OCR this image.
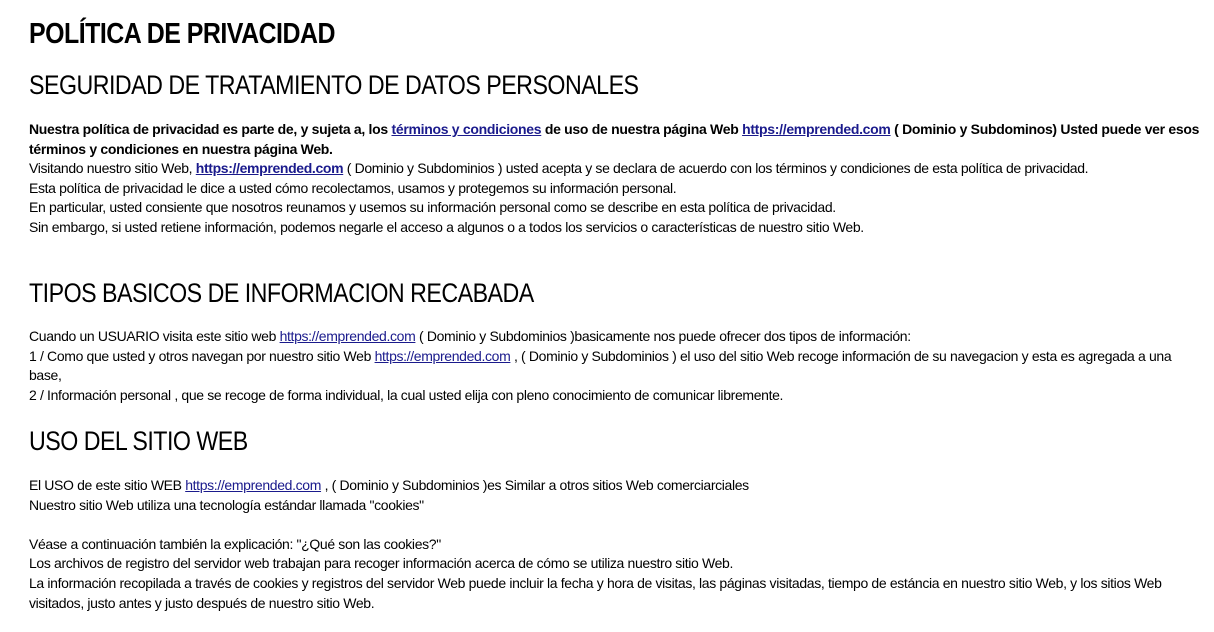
POLÍTICA DE PRIVACIDAD
SEGURIDAD DE TRATAMIENTO DE DATOS PERSONALES
Nuestra política de privacidad es parte de, y sujeta a, los términos y condiciones de uso de nuestra página Web https://emprended.com ( Dominio y Subdominos) Usted puede ver esos términos y condiciones en nuestra página Web.
Visitando nuestro sitio Web, https://emprended.com ( Dominio y Subdominios ) usted acepta y se declara de acuerdo con los términos y condiciones de esta política de privacidad.
Esta política de privacidad le dice a usted cómo recolectamos, usamos y protegemos su información personal.
En particular, usted consiente que nosotros reunamos y usemos su información personal como se describe en esta política de privacidad.
Sin embargo, si usted retiene información, podemos negarle el acceso a algunos o a todos los servicios o características de nuestro sitio Web.
TIPOS BASICOS DE INFORMACION RECABADA
Cuando un USUARIO visita este sitio web https://emprended.com ( Dominio y Subdominios )basicamente nos puede ofrecer dos tipos de información:
1 / Como que usted y otros navegan por nuestro sitio Web https://emprended.com , ( Dominio y Subdominios ) el uso del sitio Web recoge información de su navegacion y esta es agregada a una base,
2 / Información personal , que se recoge de forma individual, la cual usted elija con pleno conocimiento de comunicar libremente.
USO DEL SITIO WEB
El USO de este sitio WEB https://emprended.com , ( Dominio y Subdominios )es Similar a otros sitios Web comerciarciales
Nuestro sitio Web utiliza una tecnología estándar llamada "cookies"

Véase a continuación también la explicación: "¿Qué son las cookies?"
Los archivos de registro del servidor web trabajan para recoger información acerca de cómo se utiliza nuestro sitio Web.
La información recopilada a través de cookies y registros del servidor Web puede incluir la fecha y hora de visitas, las páginas visitadas, tiempo de estáncia en nuestro sitio Web, y los sitios Web visitados, justo antes y justo después de nuestro sitio Web.
